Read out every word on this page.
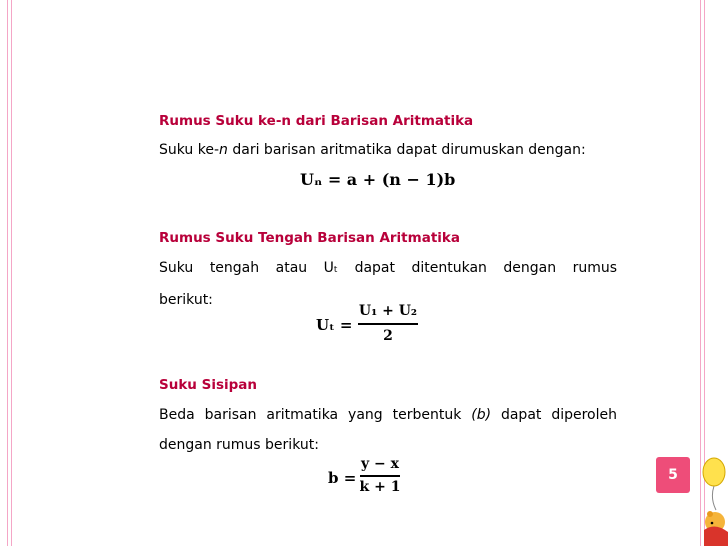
Rumus Suku ke-n dari Barisan Aritmatika
Suku ke-n dari barisan aritmatika dapat dirumuskan dengan:
Uₙ = a + (n − 1)b
Rumus Suku Tengah Barisan Aritmatika
Suku tengah atau Uₜ dapat ditentukan dengan rumus
berikut:
Uₜ =
U₁ + U₂
2
Suku Sisipan
Beda barisan aritmatika yang terbentuk (b) dapat diperoleh
dengan rumus berikut:
b =
y − x
k + 1
5
